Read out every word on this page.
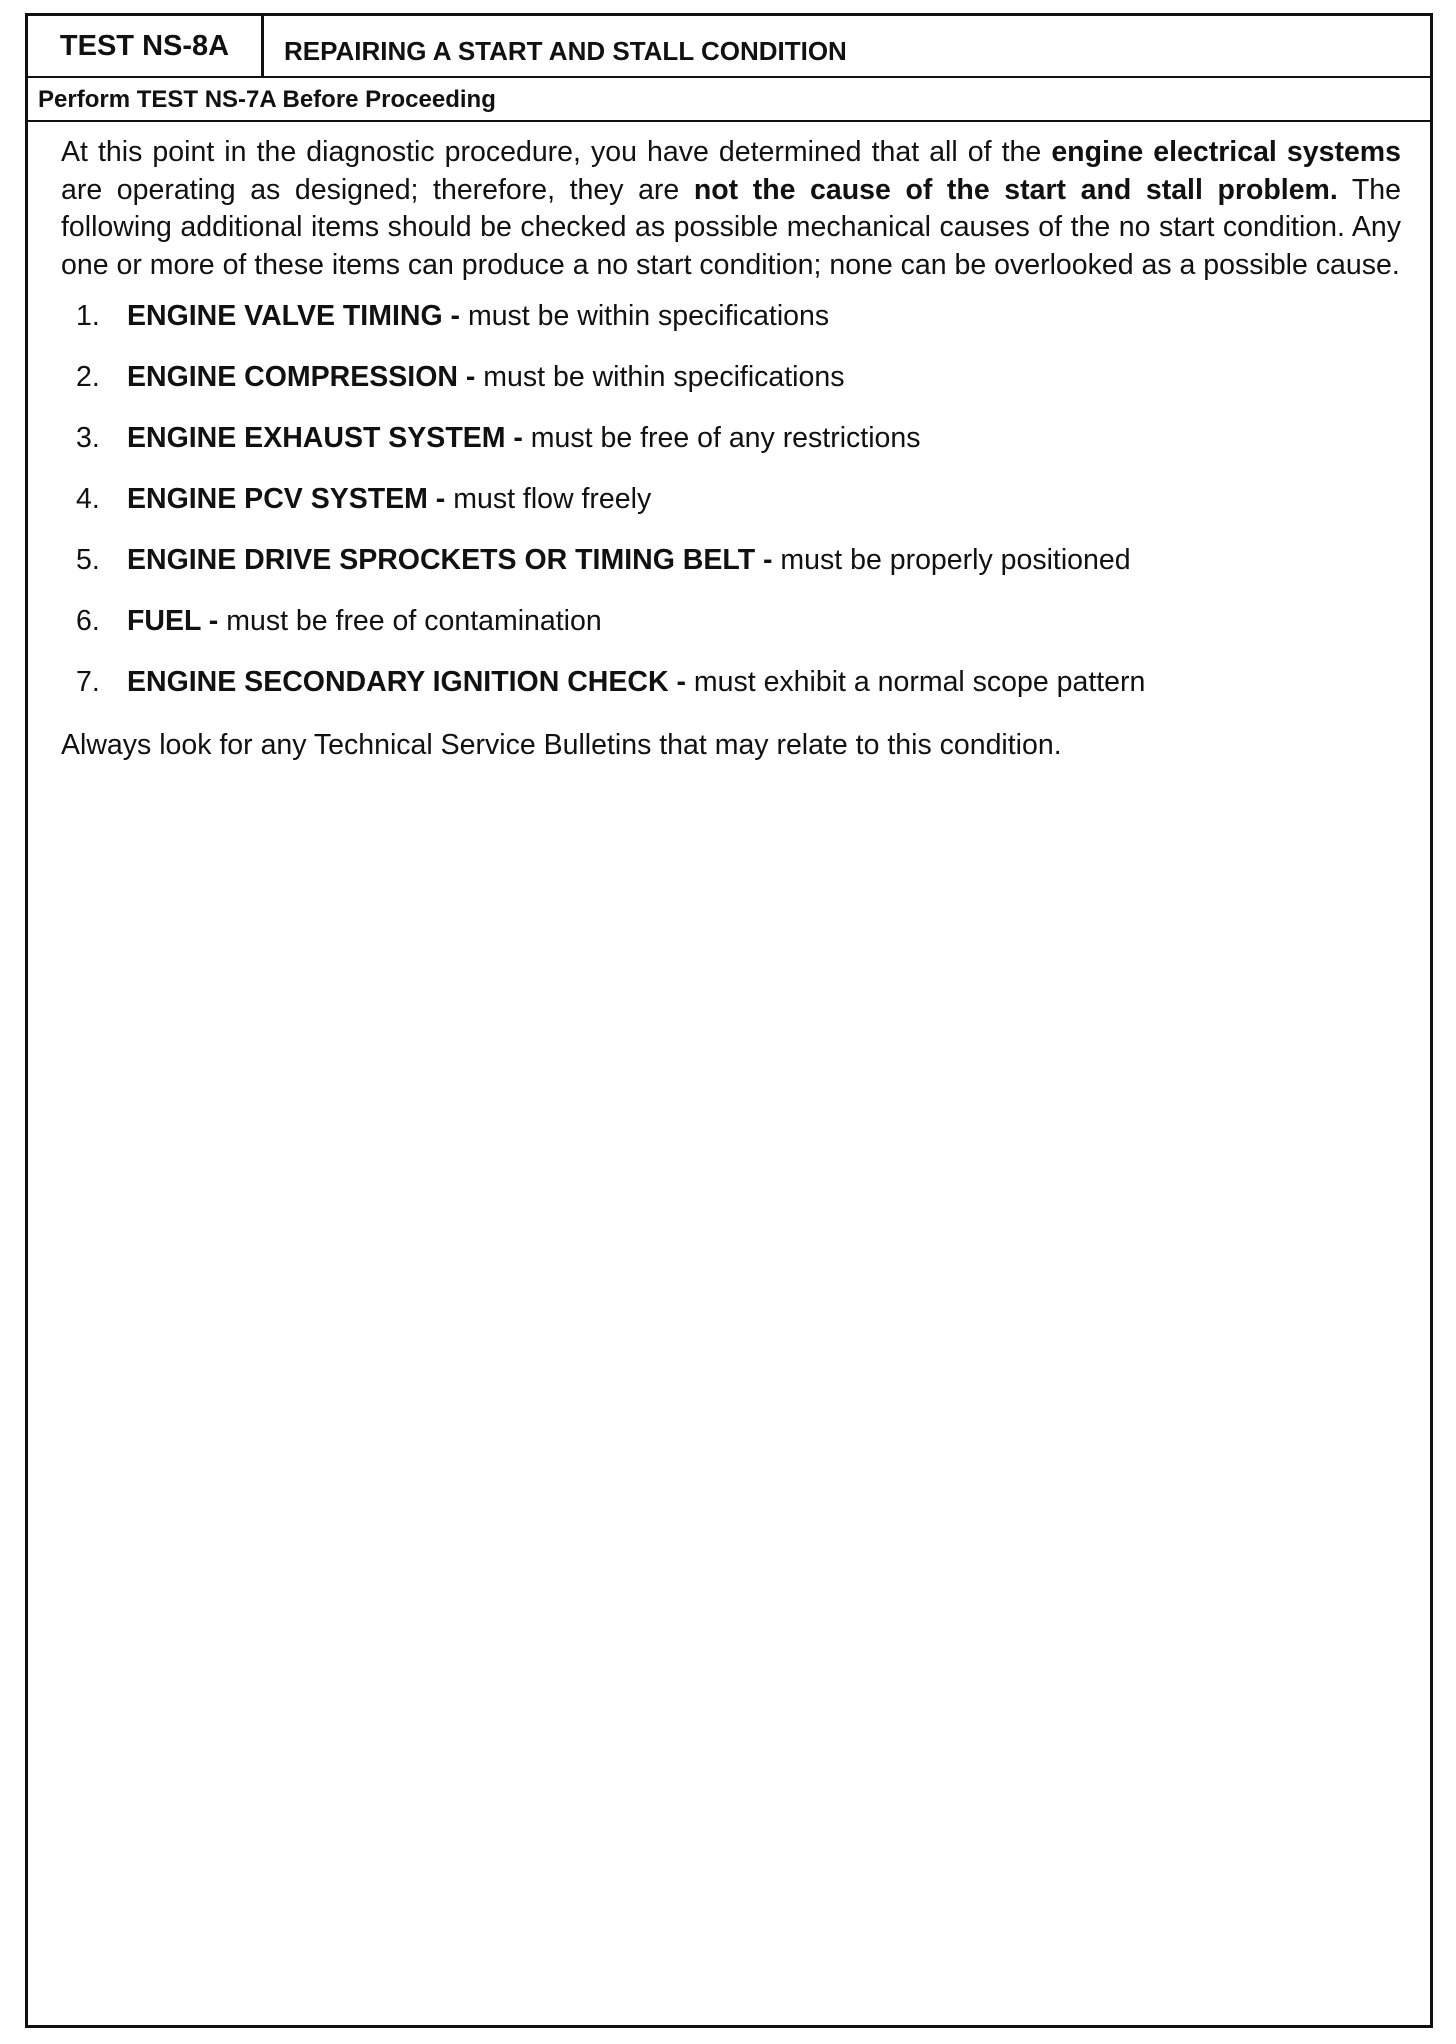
TEST NS-8A	REPAIRING A START AND STALL CONDITION
Perform TEST NS-7A Before Proceeding

At this point in the diagnostic procedure, you have determined that all of the engine electrical systems are operating as designed; therefore, they are not the cause of the start and stall problem. The following additional items should be checked as possible mechanical causes of the no start condition. Any one or more of these items can produce a no start condition; none can be overlooked as a possible cause.

1. ENGINE VALVE TIMING - must be within specifications
2. ENGINE COMPRESSION - must be within specifications
3. ENGINE EXHAUST SYSTEM - must be free of any restrictions
4. ENGINE PCV SYSTEM - must flow freely
5. ENGINE DRIVE SPROCKETS OR TIMING BELT - must be properly positioned
6. FUEL - must be free of contamination
7. ENGINE SECONDARY IGNITION CHECK - must exhibit a normal scope pattern

Always look for any Technical Service Bulletins that may relate to this condition.
